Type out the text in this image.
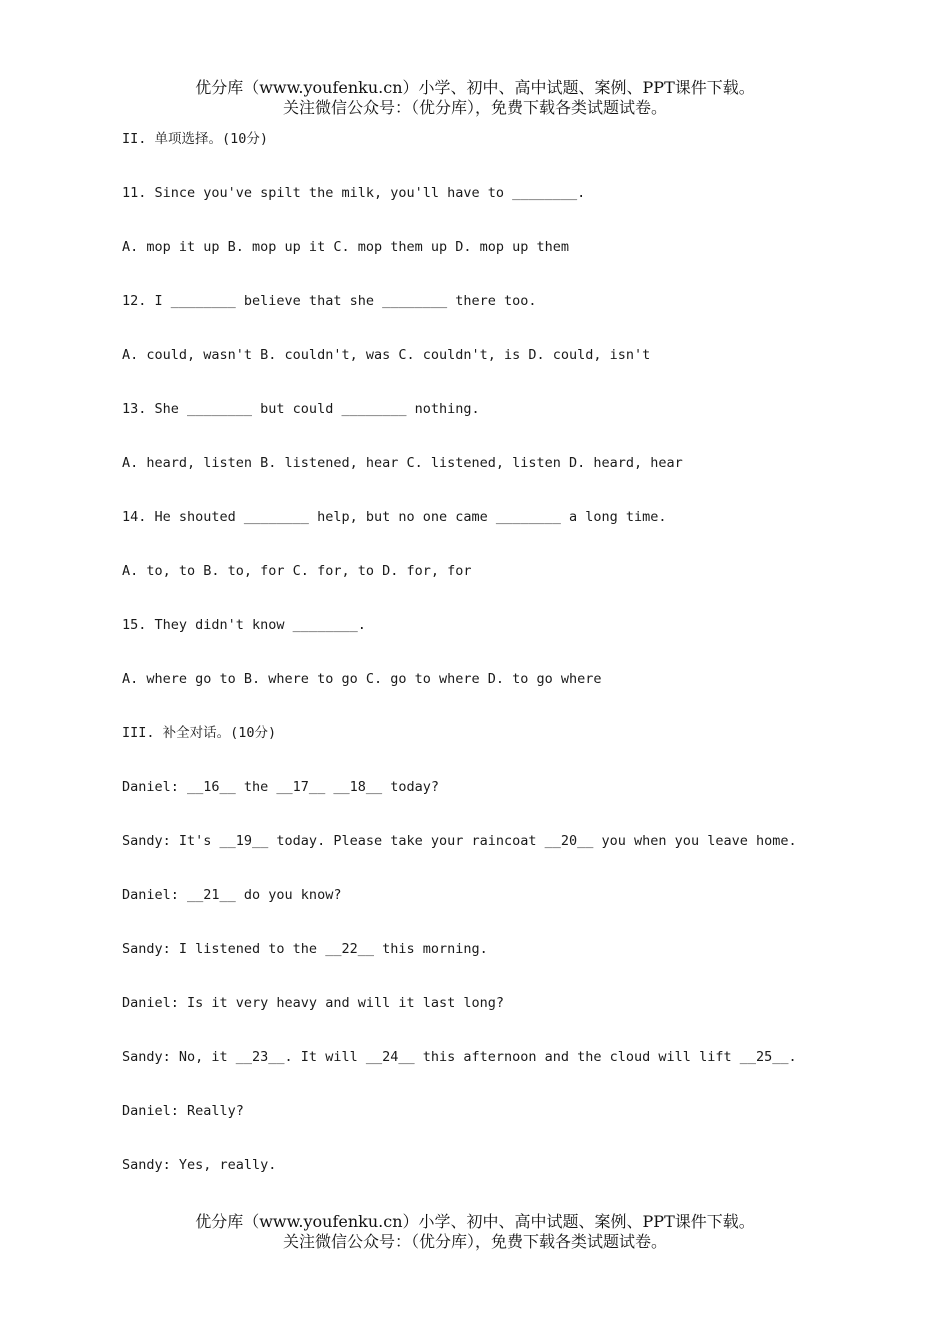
优分库（www.youfenku.cn）小学、初中、高中试题、案例、PPT课件下载。
关注微信公众号：（优分库），免费下载各类试题试卷。
II. 单项选择。(10分)
11. Since you've spilt the milk, you'll have to ________.
A. mop it up B. mop up it C. mop them up D. mop up them
12. I ________ believe that she ________ there too.
A. could, wasn't B. couldn't, was C. couldn't, is D. could, isn't
13. She ________ but could ________ nothing.
A. heard, listen B. listened, hear C. listened, listen D. heard, hear
14. He shouted ________ help, but no one came ________ a long time.
A. to, to B. to, for C. for, to D. for, for
15. They didn't know ________.
A. where go to B. where to go C. go to where D. to go where
III. 补全对话。(10分)
Daniel: __16__ the __17__ __18__ today?
Sandy: It's __19__ today. Please take your raincoat __20__ you when you leave home.
Daniel: __21__ do you know?
Sandy: I listened to the __22__ this morning.
Daniel: Is it very heavy and will it last long?
Sandy: No, it __23__. It will __24__ this afternoon and the cloud will lift __25__.
Daniel: Really?
Sandy: Yes, really.
优分库（www.youfenku.cn）小学、初中、高中试题、案例、PPT课件下载。
关注微信公众号：（优分库），免费下载各类试题试卷。
